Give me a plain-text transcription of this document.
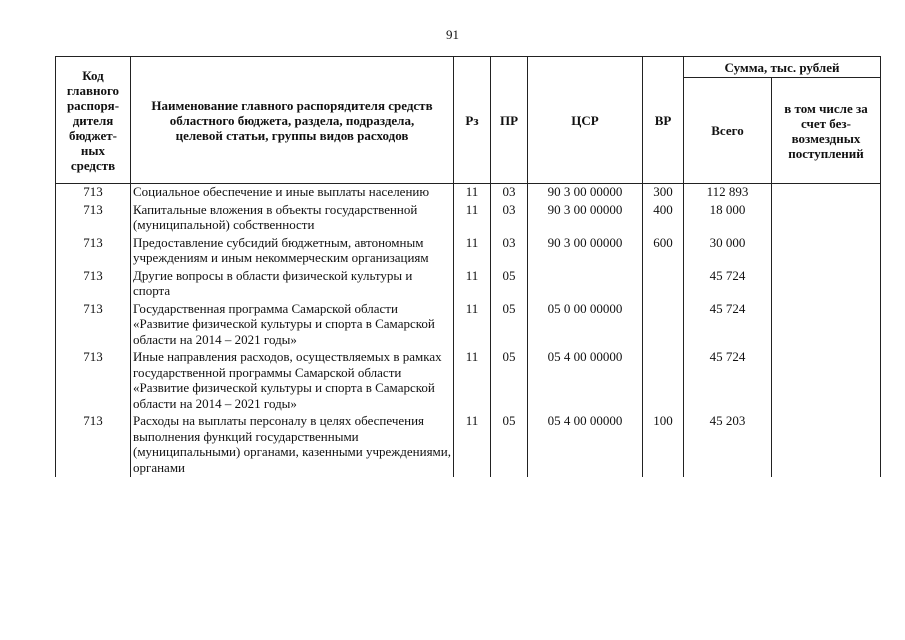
91
Код главного распоря-дителя бюджет-ных средств	Наименование главного распорядителя средств областного бюджета, раздела, подраздела, целевой статьи, группы видов расходов	Рз	ПР	ЦСР	ВР	Сумма, тыс. рублей	
						Всего	в том числе за счет без-возмездных поступлений
713	Социальное обеспечение и иные выплаты населению	11	03	90 3 00 00000	300	112 893	
713	Капитальные вложения в объекты государственной (муниципальной) собственности	11	03	90 3 00 00000	400	18 000	
713	Предоставление субсидий бюджетным, автономным учреждениям и иным некоммерческим организациям	11	03	90 3 00 00000	600	30 000	
713	Другие вопросы в области физической культуры и спорта	11	05			45 724	
713	Государственная программа Самарской области «Развитие физической культуры и спорта в Самарской области на 2014 – 2021 годы»	11	05	05 0 00 00000		45 724	
713	Иные направления расходов, осуществляемых в рамках государственной программы Самарской области «Развитие физической культуры и спорта в Самарской области на 2014 – 2021 годы»	11	05	05 4 00 00000		45 724	
713	Расходы на выплаты персоналу в целях обеспечения выполнения функций государственными (муниципальными) органами, казенными учреждениями, органами	11	05	05 4 00 00000	100	45 203	
